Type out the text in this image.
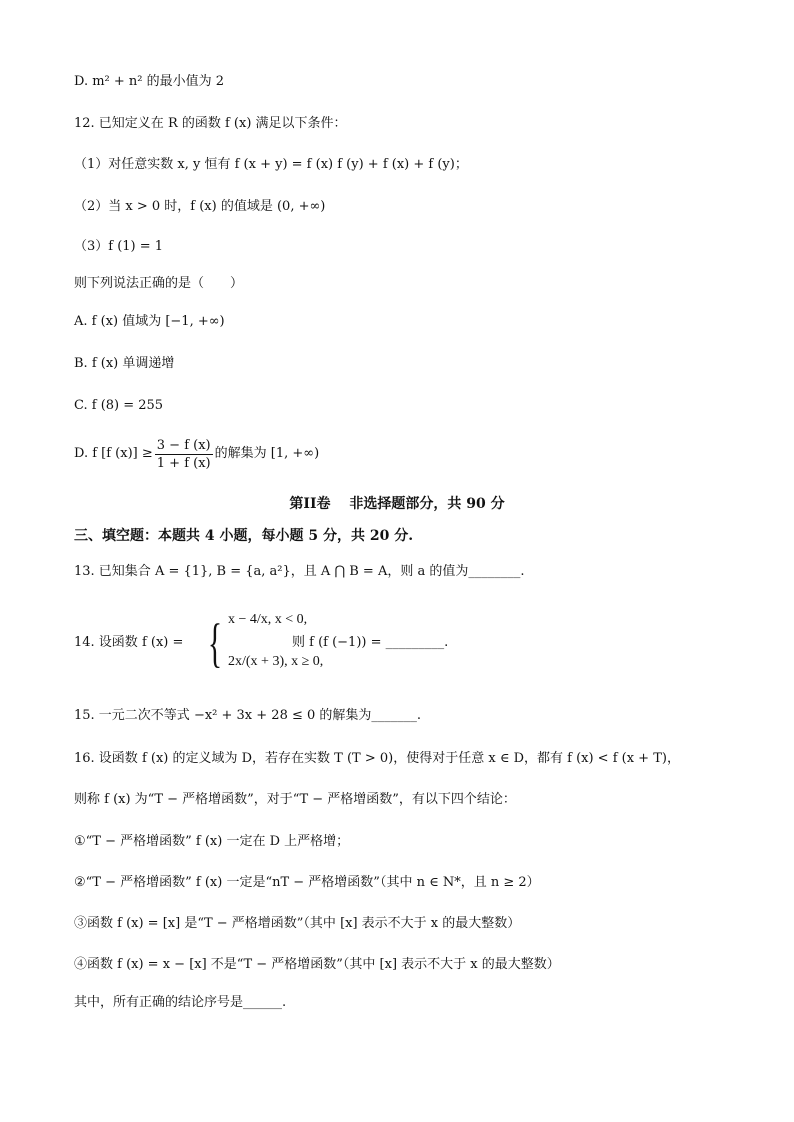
D. m² + n² 的最小值为 2
12. 已知定义在 R 的函数 f (x) 满足以下条件：
（1）对任意实数 x, y 恒有 f (x + y) = f (x) f (y) + f (x) + f (y)；
（2）当 x > 0 时，f (x) 的值域是 (0, +∞)
（3）f (1) = 1
则下列说法正确的是（　　）
A. f (x) 值域为 [−1, +∞)
B. f (x) 单调递增
C. f (8) = 255
D. f [f $(x)] \ge \frac{3 - f (x)}{1 + f (x)}$ 的解集为 [1, +∞)
第II卷　 非选择题部分，共 90 分
三、填空题：本题共 4 小题，每小题 5 分，共 20 分.
13. 已知集合 A = {1}, B = {a, a²}，且 A ⋂ B = A，则 a 的值为________.
14. 设函数 f (x) = { x − 4/x, x < 0,
2x/(x + 3), x ≥ 0,
则 f (f (−1)) = _________.
15. 一元二次不等式 −x² + 3x + 28 ≤ 0 的解集为_______.
16. 设函数 f (x) 的定义域为 D，若存在实数 T (T > 0)，使得对于任意 x ∈ D，都有 f (x) < f (x + T)，
则称 f (x) 为“T − 严格增函数”，对于“T − 严格增函数”，有以下四个结论：
①“T − 严格增函数” f (x) 一定在 D 上严格增；
②“T − 严格增函数” f (x) 一定是“nT − 严格增函数”（其中 n ∈ N*，且 n ≥ 2）
③函数 f (x) = [x] 是“T − 严格增函数”（其中 [x] 表示不大于 x 的最大整数）
④函数 f (x) = x − [x] 不是“T − 严格增函数”（其中 [x] 表示不大于 x 的最大整数）
其中，所有正确的结论序号是______.
